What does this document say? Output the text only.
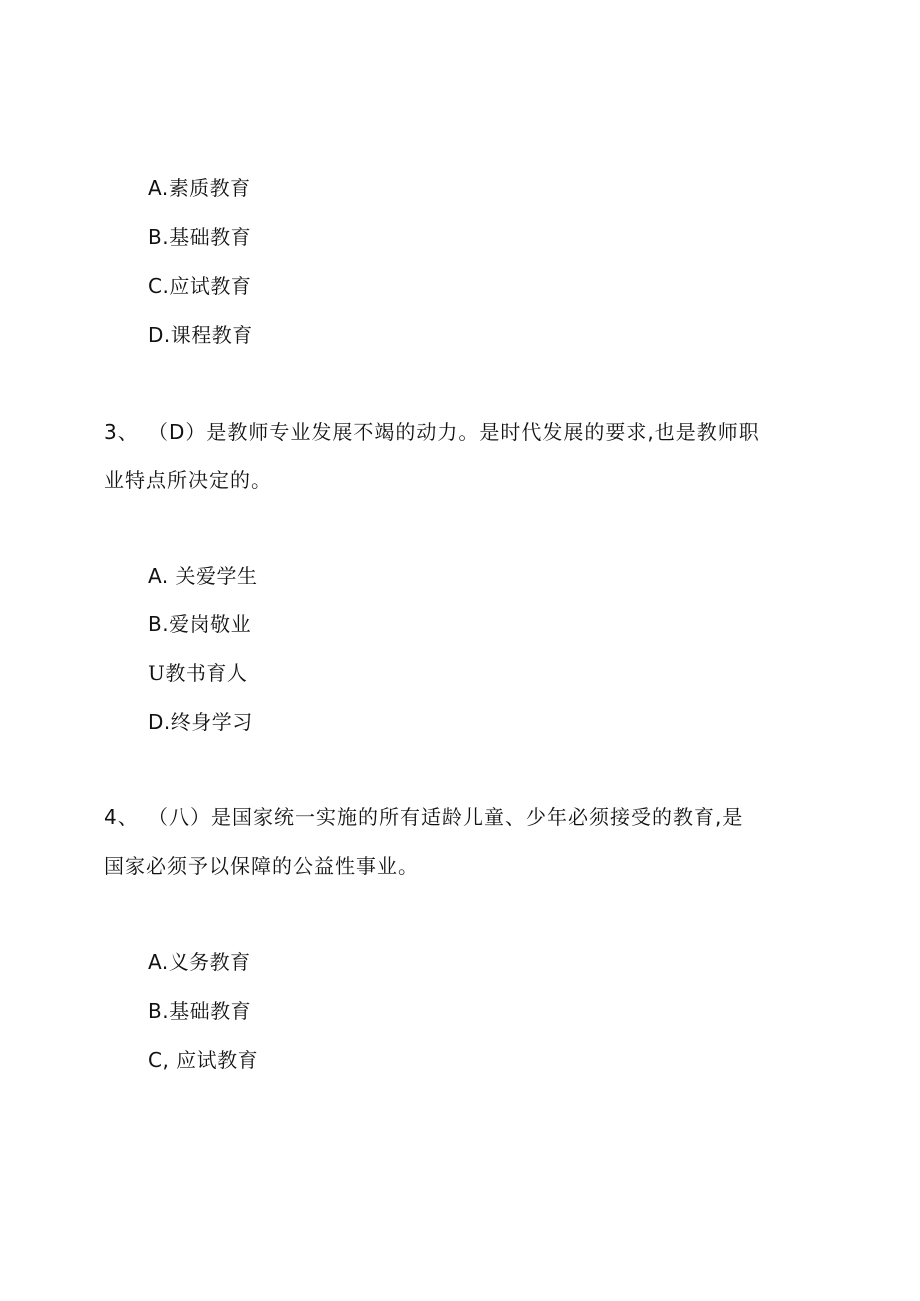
A.素质教育
B.基础教育
C.应试教育
D.课程教育
3、 （D）是教师专业发展不竭的动力。是时代发展的要求,也是教师职
业特点所决定的。
A. 关爱学生
B.爱岗敬业
U教书育人
D.终身学习
4、 （八）是国家统一实施的所有适龄儿童、少年必须接受的教育,是
国家必须予以保障的公益性事业。
A.义务教育
B.基础教育
C, 应试教育
